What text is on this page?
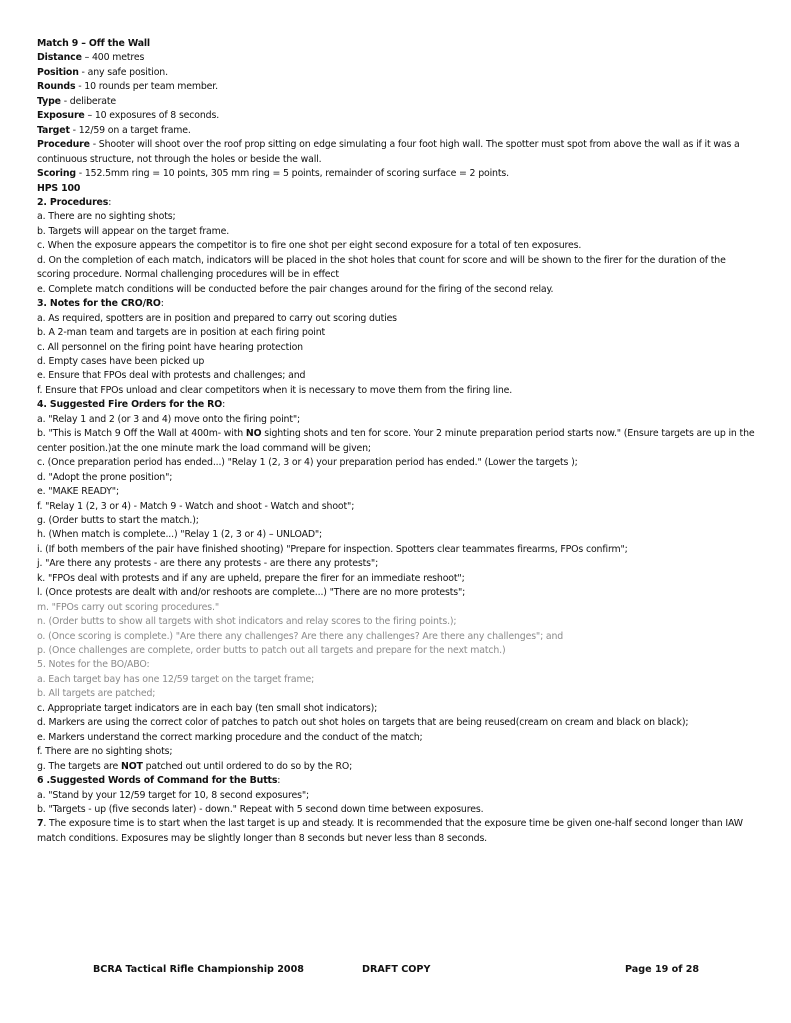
Match 9 – Off the Wall

Distance – 400 metres

Position - any safe position.

Rounds - 10 rounds per team member.

Type - deliberate

Exposure – 10 exposures of 8 seconds.

Target - 12/59 on a target frame.

Procedure - Shooter will shoot over the roof prop sitting on edge simulating a four foot high wall. The spotter must spot from above the wall as if it was a continuous structure, not through the holes or beside the wall.

Scoring - 152.5mm ring = 10 points, 305 mm ring = 5 points, remainder of scoring surface = 2 points.

HPS 100

2. Procedures:

a. There are no sighting shots;

b. Targets will appear on the target frame.

c. When the exposure appears the competitor is to fire one shot per eight second exposure for a total of ten exposures.

d. On the completion of each match, indicators will be placed in the shot holes that count for score and will be shown to the firer for the duration of the scoring procedure. Normal challenging procedures will be in effect

e. Complete match conditions will be conducted before the pair changes around for the firing of the second relay.

3. Notes for the CRO/RO:

a. As required, spotters are in position and prepared to carry out scoring duties

b. A 2-man team and targets are in position at each firing point

c. All personnel on the firing point have hearing protection

d. Empty cases have been picked up

e. Ensure that FPOs deal with protests and challenges; and

f. Ensure that FPOs unload and clear competitors when it is necessary to move them from the firing line.

4. Suggested Fire Orders for the RO:

a. "Relay 1 and 2 (or 3 and 4) move onto the firing point";

b. "This is Match 9 Off the Wall at 400m- with NO sighting shots and ten for score. Your 2 minute preparation period starts now." (Ensure targets are up in the center position.)at the one minute mark the load command will be given;

c. (Once preparation period has ended...) "Relay 1 (2, 3 or 4) your preparation period has ended." (Lower the targets );

d. "Adopt the prone position";

e. "MAKE READY";

f. "Relay 1 (2, 3 or 4) - Match 9 - Watch and shoot - Watch and shoot";

g. (Order butts to start the match.);

h. (When match is complete...) "Relay 1 (2, 3 or 4) – UNLOAD";

i. (If both members of the pair have finished shooting) "Prepare for inspection. Spotters clear teammates firearms, FPOs confirm";

j. "Are there any protests - are there any protests - are there any protests";

k. "FPOs deal with protests and if any are upheld, prepare the firer for an immediate reshoot";

l. (Once protests are dealt with and/or reshoots are complete...) "There are no more protests";

m. "FPOs carry out scoring procedures."

n. (Order butts to show all targets with shot indicators and relay scores to the firing points.);

o. (Once scoring is complete.) "Are there any challenges? Are there any challenges? Are there any challenges"; and

p. (Once challenges are complete, order butts to patch out all targets and prepare for the next match.)

5. Notes for the BO/ABO:

a. Each target bay has one 12/59 target on the target frame;

b. All targets are patched;

c. Appropriate target indicators are in each bay (ten small shot indicators);

d. Markers are using the correct color of patches to patch out shot holes on targets that are being reused(cream on cream and black on black);

e. Markers understand the correct marking procedure and the conduct of the match;

f. There are no sighting shots;

g. The targets are NOT patched out until ordered to do so by the RO;

6 .Suggested Words of Command for the Butts:

a. "Stand by your 12/59 target for 10, 8 second exposures";

b. "Targets - up (five seconds later) - down." Repeat with 5 second down time between exposures.

7. The exposure time is to start when the last target is up and steady. It is recommended that the exposure time be given one-half second longer than IAW match conditions. Exposures may be slightly longer than 8 seconds but never less than 8 seconds.

BCRA Tactical Rifle Championship 2008	DRAFT COPY	Page 19 of 28
